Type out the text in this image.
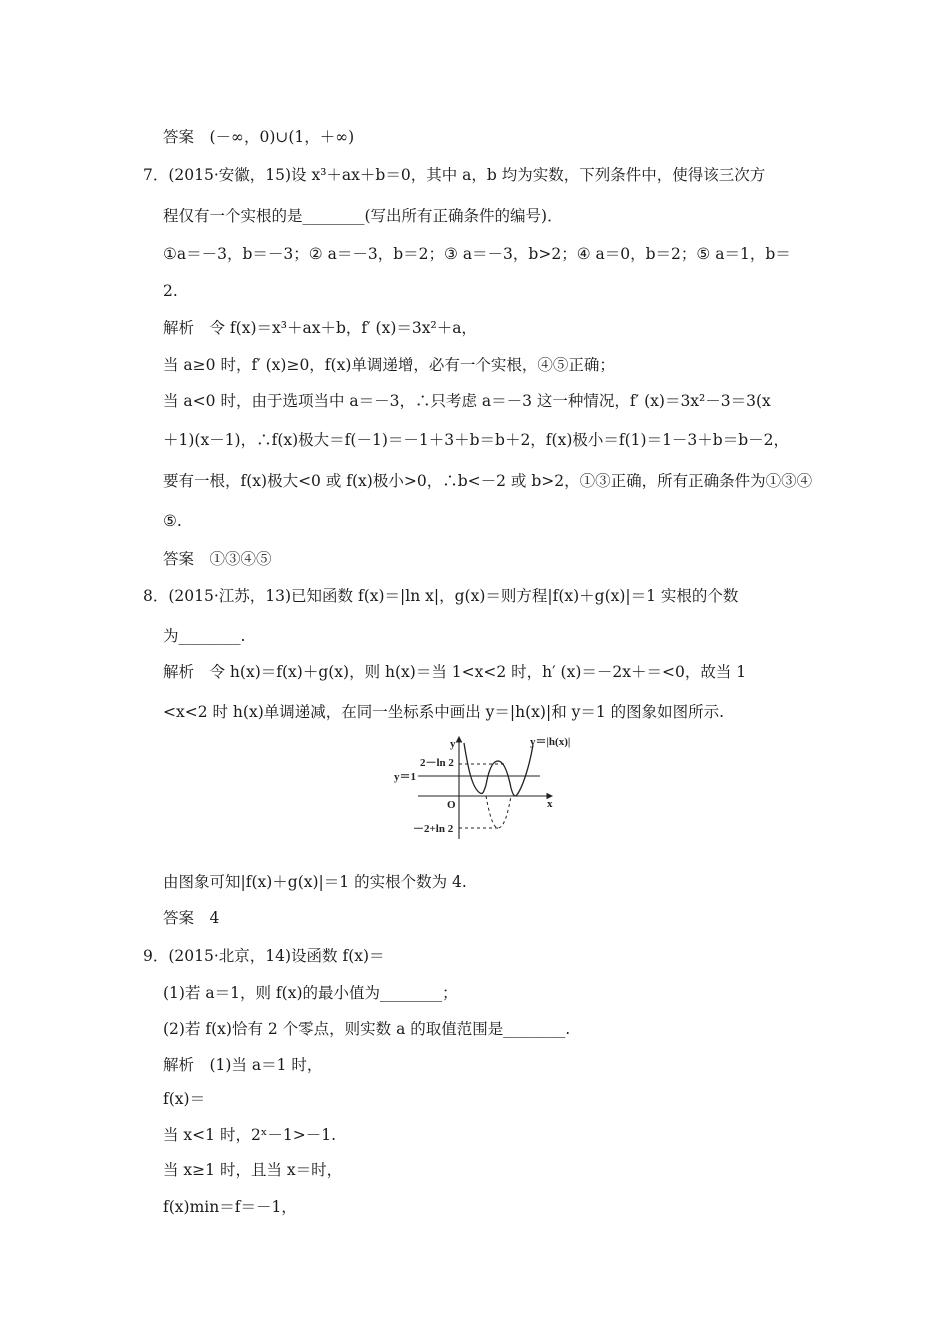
答案　(－∞，0)∪(1，＋∞)
7．(2015·安徽，15)设 x³＋ax＋b＝0，其中 a，b 均为实数，下列条件中，使得该三次方
程仅有一个实根的是________(写出所有正确条件的编号)．
①a＝－3，b＝－3；② a＝－3，b＝2；③ a＝－3，b>2；④ a＝0，b＝2；⑤ a＝1，b＝
2.
解析　令 f(x)＝x³＋ax＋b，f′ (x)＝3x²＋a，
当 a≥0 时，f′ (x)≥0，f(x)单调递增，必有一个实根，④⑤正确；
当 a<0 时，由于选项当中 a＝－3，∴只考虑 a＝－3 这一种情况，f′ (x)＝3x²－3＝3(x
＋1)(x－1)，∴f(x)极大＝f(－1)＝－1＋3＋b＝b＋2，f(x)极小＝f(1)＝1－3＋b＝b－2，
要有一根，f(x)极大<0 或 f(x)极小>0，∴b<－2 或 b>2，①③正确，所有正确条件为①③④
⑤.
答案　①③④⑤
8．(2015·江苏，13)已知函数 f(x)＝|ln x|，g(x)＝则方程|f(x)＋g(x)|＝1 实根的个数
为________.
解析　令 h(x)＝f(x)＋g(x)，则 h(x)＝当 1<x<2 时，h′ (x)＝－2x＋＝<0，故当 1
<x<2 时 h(x)单调递减，在同一坐标系中画出 y＝|h(x)|和 y＝1 的图象如图所示.
y
x
O
y＝|h(x)|
y＝1
2－ln 2
－2+ln 2
由图象可知|f(x)＋g(x)|＝1 的实根个数为 4.
答案　4
9．(2015·北京，14)设函数 f(x)＝
(1)若 a＝1，则 f(x)的最小值为________；
(2)若 f(x)恰有 2 个零点，则实数 a 的取值范围是________.
解析　(1)当 a＝1 时，
f(x)＝
当 x<1 时，2ˣ－1>－1.
当 x≥1 时，且当 x＝时，
f(x)min＝f＝－1，
